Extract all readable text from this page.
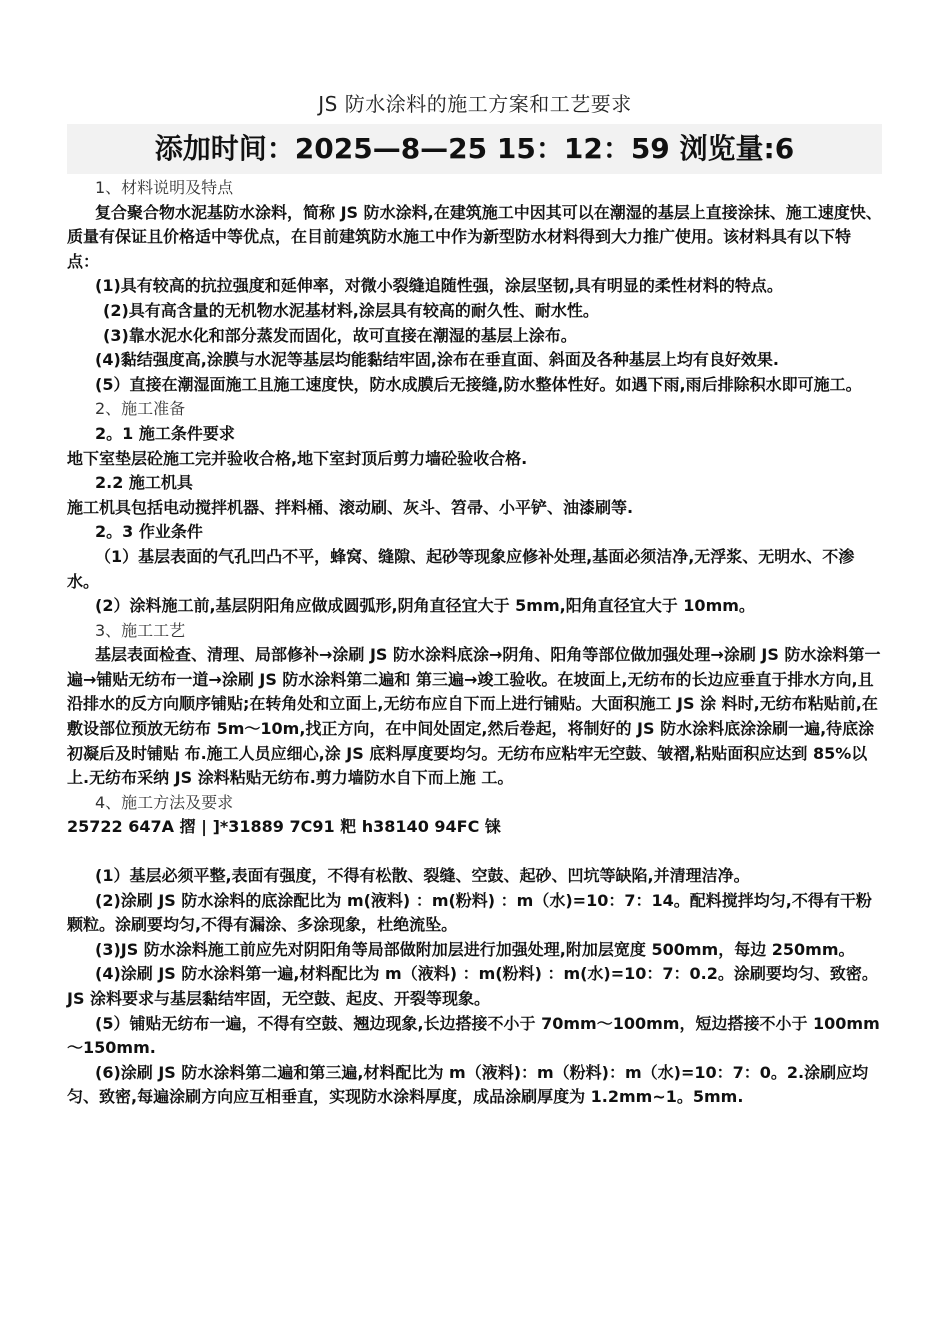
JS 防水涂料的施工方案和工艺要求
添加时间：2025—8—25 15：12：59 浏览量:6

1、材料说明及特点

复合聚合物水泥基防水涂料，简称 JS 防水涂料,在建筑施工中因其可以在潮湿的基层上直接涂抹、施工速度快、质量有保证且价格适中等优点，在目前建筑防水施工中作为新型防水材料得到大力推广使用。该材料具有以下特点：

(1)具有较高的抗拉强度和延伸率，对微小裂缝追随性强，涂层坚韧,具有明显的柔性材料的特点。

(2)具有高含量的无机物水泥基材料,涂层具有较高的耐久性、耐水性。

(3)靠水泥水化和部分蒸发而固化，故可直接在潮湿的基层上涂布。

(4)黏结强度高,涂膜与水泥等基层均能黏结牢固,涂布在垂直面、斜面及各种基层上均有良好效果.

(5）直接在潮湿面施工且施工速度快，防水成膜后无接缝,防水整体性好。如遇下雨,雨后排除积水即可施工。

2、施工准备

2。1 施工条件要求

地下室垫层砼施工完并验收合格,地下室封顶后剪力墙砼验收合格.

2.2 施工机具

施工机具包括电动搅拌机器、拌料桶、滚动刷、灰斗、笤帚、小平铲、油漆刷等.

2。3 作业条件

（1）基层表面的气孔凹凸不平，蜂窝、缝隙、起砂等现象应修补处理,基面必须洁净,无浮浆、无明水、不渗水。

(2）涂料施工前,基层阴阳角应做成圆弧形,阴角直径宜大于 5mm,阳角直径宜大于 10mm。

3、施工工艺

基层表面检查、清理、局部修补→涂刷 JS 防水涂料底涂→阴角、阳角等部位做加强处理→涂刷 JS 防水涂料第一遍→铺贴无纺布一道→涂刷 JS 防水涂料第二遍和 第三遍→竣工验收。在坡面上,无纺布的长边应垂直于排水方向,且沿排水的反方向顺序铺贴;在转角处和立面上,无纺布应自下而上进行铺贴。大面积施工 JS 涂 料时,无纺布粘贴前,在敷设部位预放无纺布 5m～10m,找正方向，在中间处固定,然后卷起，将制好的 JS 防水涂料底涂涂刷一遍,待底涂初凝后及时铺贴 布.施工人员应细心,涂 JS 底料厚度要均匀。无纺布应粘牢无空鼓、皱褶,粘贴面积应达到 85%以上.无纺布采纳 JS 涂料粘贴无纺布.剪力墙防水自下而上施 工。

4、施工方法及要求

25722 647A 摺 | ]*31889 7C91 粑 h38140 94FC 铼

(1）基层必须平整,表面有强度，不得有松散、裂缝、空鼓、起砂、凹坑等缺陷,并清理洁净。

(2)涂刷 JS 防水涂料的底涂配比为 m(液料) ：m(粉料) ：m（水)=10：7：14。配料搅拌均匀,不得有干粉颗粒。涂刷要均匀,不得有漏涂、多涂现象，杜绝流坠。

(3)JS 防水涂料施工前应先对阴阳角等局部做附加层进行加强处理,附加层宽度 500mm，每边 250mm。

(4)涂刷 JS 防水涂料第一遍,材料配比为 m（液料) ：m(粉料) ：m(水)=10：7：0.2。涂刷要均匀、致密。JS 涂料要求与基层黏结牢固，无空鼓、起皮、开裂等现象。

(5）铺贴无纺布一遍，不得有空鼓、翘边现象,长边搭接不小于 70mm～100mm，短边搭接不小于 100mm～150mm.

(6)涂刷 JS 防水涂料第二遍和第三遍,材料配比为 m（液料)：m（粉料)：m（水)=10：7：0。2.涂刷应均匀、致密,每遍涂刷方向应互相垂直，实现防水涂料厚度，成品涂刷厚度为 1.2mm~1。5mm.
